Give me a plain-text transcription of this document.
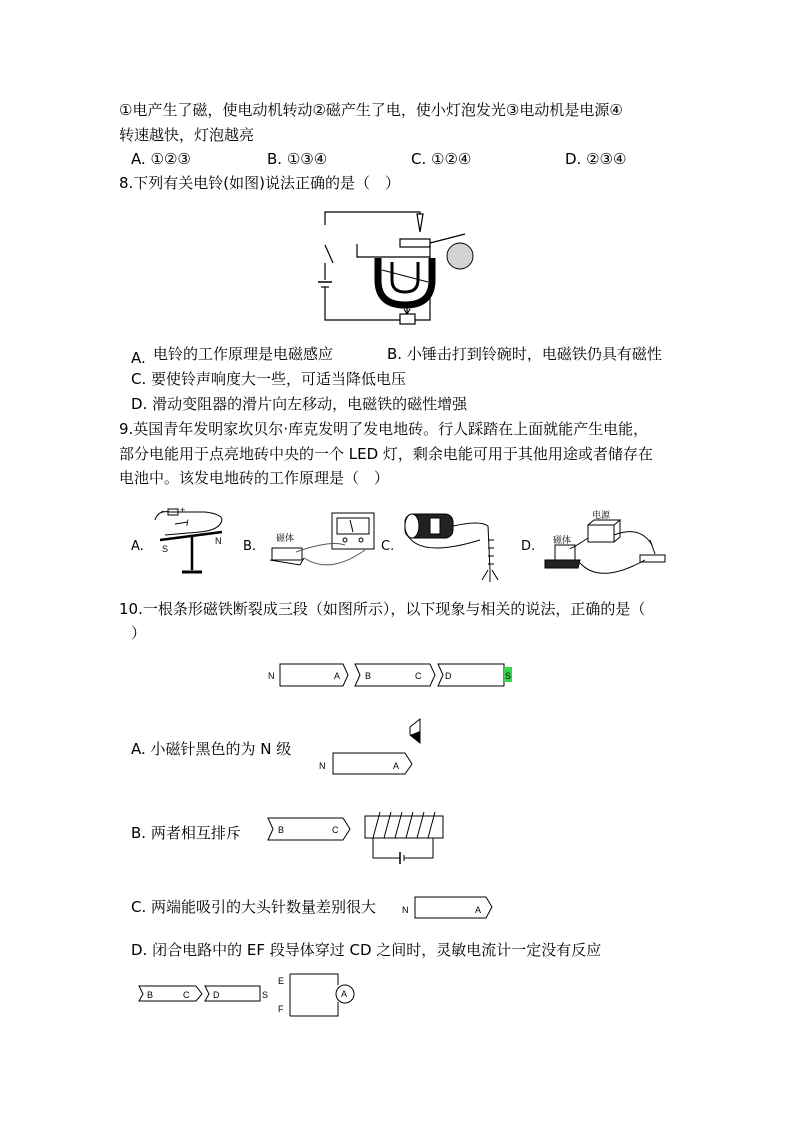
①电产生了磁，使电动机转动②磁产生了电，使小灯泡发光③电动机是电源④
转速越快，灯泡越亮
A. ①②③	B. ①③④	C. ①②④	D. ②③④
8.下列有关电铃(如图)说法正确的是（　）
A. 电铃的工作原理是电磁感应	B. 小锤击打到铃碗时，电磁铁仍具有磁性
C. 要使铃声响度大一些，可适当降低电压
D. 滑动变阻器的滑片向左移动，电磁铁的磁性增强
9.英国青年发明家坎贝尔·库克发明了发电地砖。行人踩踏在上面就能产生电能，
部分电能用于点亮地砖中央的一个 LED 灯，剩余电能可用于其他用途或者储存在
电池中。该发电地砖的工作原理是（　）
A.
- +
I
N
S	B.
磁体
C.	D. 磁体
电源
10.一根条形磁铁断裂成三段（如图所示），以下现象与相关的说法，正确的是（
）
N	A	B	C	D	S
A. 小磁针黑色的为 N 级
N	A
B. 两者相互排斥	B	C
C. 两端能吸引的大头针数量差别很大	N	A
D. 闭合电路中的 EF 段导体穿过 CD 之间时，灵敏电流计一定没有反应
B	C	D	S	A
E
F
